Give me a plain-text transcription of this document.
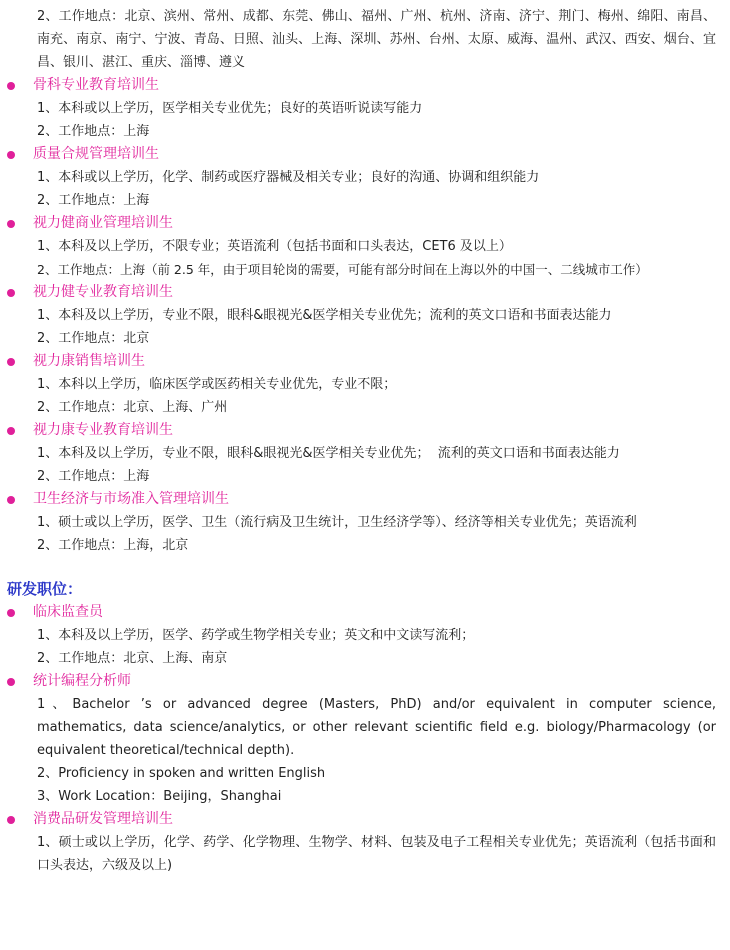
2、工作地点：北京、滨州、常州、成都、东莞、佛山、福州、广州、杭州、济南、济宁、荆门、梅州、绵阳、南昌、南充、南京、南宁、宁波、青岛、日照、汕头、上海、深圳、苏州、台州、太原、威海、温州、武汉、西安、烟台、宜昌、银川、湛江、重庆、淄博、遵义
骨科专业教育培训生
1、本科或以上学历，医学相关专业优先；良好的英语听说读写能力
2、工作地点：上海
质量合规管理培训生
1、本科或以上学历，化学、制药或医疗器械及相关专业；良好的沟通、协调和组织能力
2、工作地点：上海
视力健商业管理培训生
1、本科及以上学历，不限专业；英语流利（包括书面和口头表达，CET6 及以上）
2、工作地点：上海（前 2.5 年，由于项目轮岗的需要，可能有部分时间在上海以外的中国一、二线城市工作）
视力健专业教育培训生
1、本科及以上学历，专业不限，眼科&眼视光&医学相关专业优先；流利的英文口语和书面表达能力
2、工作地点：北京
视力康销售培训生
1、本科以上学历，临床医学或医药相关专业优先，专业不限；
2、工作地点：北京、上海、广州
视力康专业教育培训生
1、本科及以上学历，专业不限，眼科&眼视光&医学相关专业优先；  流利的英文口语和书面表达能力
2、工作地点：上海
卫生经济与市场准入管理培训生
1、硕士或以上学历，医学、卫生（流行病及卫生统计，卫生经济学等）、经济等相关专业优先；英语流利
2、工作地点：上海，北京
研发职位：
临床监查员
1、本科及以上学历，医学、药学或生物学相关专业；英文和中文读写流利；
2、工作地点：北京、上海、南京
统计编程分析师
1、Bachelor ’s or advanced degree (Masters, PhD) and/or equivalent in computer science, mathematics, data science/analytics, or other relevant scientific field e.g. biology/Pharmacology (or equivalent theoretical/technical depth).
2、Proficiency in spoken and written English
3、Work Location：Beijing，Shanghai
消费品研发管理培训生
1、硕士或以上学历，化学、药学、化学物理、生物学、材料、包装及电子工程相关专业优先；英语流利（包括书面和口头表达，六级及以上)
